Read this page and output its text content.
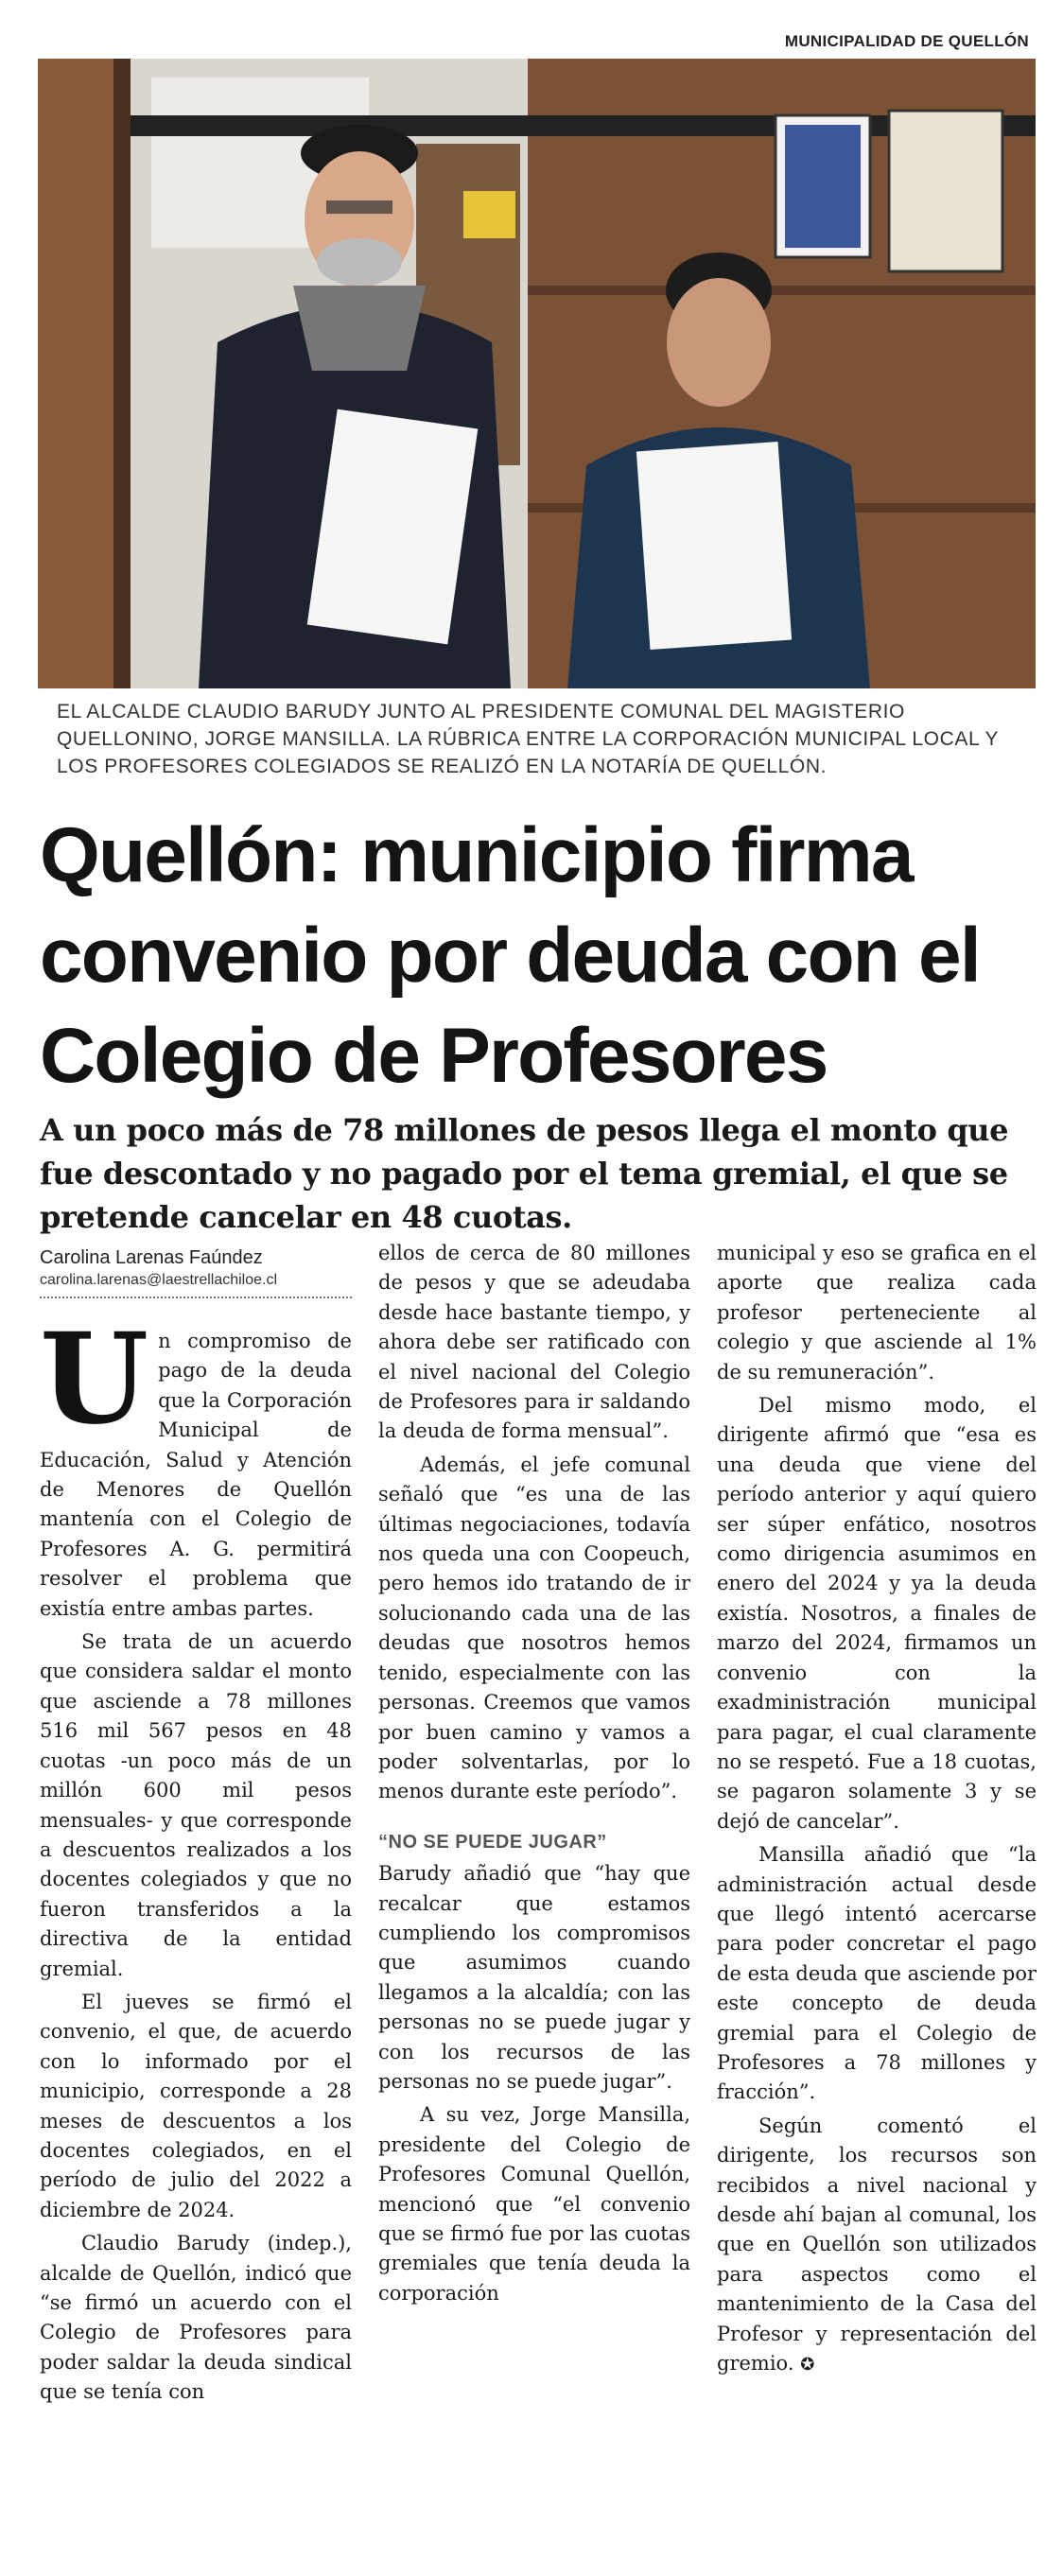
MUNICIPALIDAD DE QUELLÓN
EL ALCALDE CLAUDIO BARUDY JUNTO AL PRESIDENTE COMUNAL DEL MAGISTERIO QUELLONINO, JORGE MANSILLA. LA RÚBRICA ENTRE LA CORPORACIÓN MUNICIPAL LOCAL Y LOS PROFESORES COLEGIADOS SE REALIZÓ EN LA NOTARÍA DE QUELLÓN.
Quellón: municipio firma convenio por deuda con el Colegio de Profesores

A un poco más de 78 millones de pesos llega el monto que fue descontado y no pagado por el tema gremial, el que se pretende cancelar en 48 cuotas.

Carolina Larenas Faúndez
carolina.larenas@laestrellachiloe.cl

Un compromiso de pago de la deuda que la Corporación Municipal de Educación, Salud y Atención de Menores de Quellón mantenía con el Colegio de Profesores A. G. permitirá resolver el problema que existía entre ambas partes.

Se trata de un acuerdo que considera saldar el monto que asciende a 78 millones 516 mil 567 pesos en 48 cuotas -un poco más de un millón 600 mil pesos mensuales- y que corresponde a descuentos realizados a los docentes colegiados y que no fueron transferidos a la directiva de la entidad gremial.

El jueves se firmó el convenio, el que, de acuerdo con lo informado por el municipio, corresponde a 28 meses de descuentos a los docentes colegiados, en el período de julio del 2022 a diciembre de 2024.

Claudio Barudy (indep.), alcalde de Quellón, indicó que “se firmó un acuerdo con el Colegio de Profesores para poder saldar la deuda sindical que se tenía con

ellos de cerca de 80 millones de pesos y que se adeudaba desde hace bastante tiempo, y ahora debe ser ratificado con el nivel nacional del Colegio de Profesores para ir saldando la deuda de forma mensual”.

Además, el jefe comunal señaló que “es una de las últimas negociaciones, todavía nos queda una con Coopeuch, pero hemos ido tratando de ir solucionando cada una de las deudas que nosotros hemos tenido, especialmente con las personas. Creemos que vamos por buen camino y vamos a poder solventarlas, por lo menos durante este período”.

“NO SE PUEDE JUGAR”

Barudy añadió que “hay que recalcar que estamos cumpliendo los compromisos que asumimos cuando llegamos a la alcaldía; con las personas no se puede jugar y con los recursos de las personas no se puede jugar”.

A su vez, Jorge Mansilla, presidente del Colegio de Profesores Comunal Quellón, mencionó que “el convenio que se firmó fue por las cuotas gremiales que tenía deuda la corporación

municipal y eso se grafica en el aporte que realiza cada profesor perteneciente al colegio y que asciende al 1% de su remuneración”.

Del mismo modo, el dirigente afirmó que “esa es una deuda que viene del período anterior y aquí quiero ser súper enfático, nosotros como dirigencia asumimos en enero del 2024 y ya la deuda existía. Nosotros, a finales de marzo del 2024, firmamos un convenio con la exadministración municipal para pagar, el cual claramente no se respetó. Fue a 18 cuotas, se pagaron solamente 3 y se dejó de cancelar”.

Mansilla añadió que “la administración actual desde que llegó intentó acercarse para poder concretar el pago de esta deuda que asciende por este concepto de deuda gremial para el Colegio de Profesores a 78 millones y fracción”.

Según comentó el dirigente, los recursos son recibidos a nivel nacional y desde ahí bajan al comunal, los que en Quellón son utilizados para aspectos como el mantenimiento de la Casa del Profesor y representación del gremio. ✪
